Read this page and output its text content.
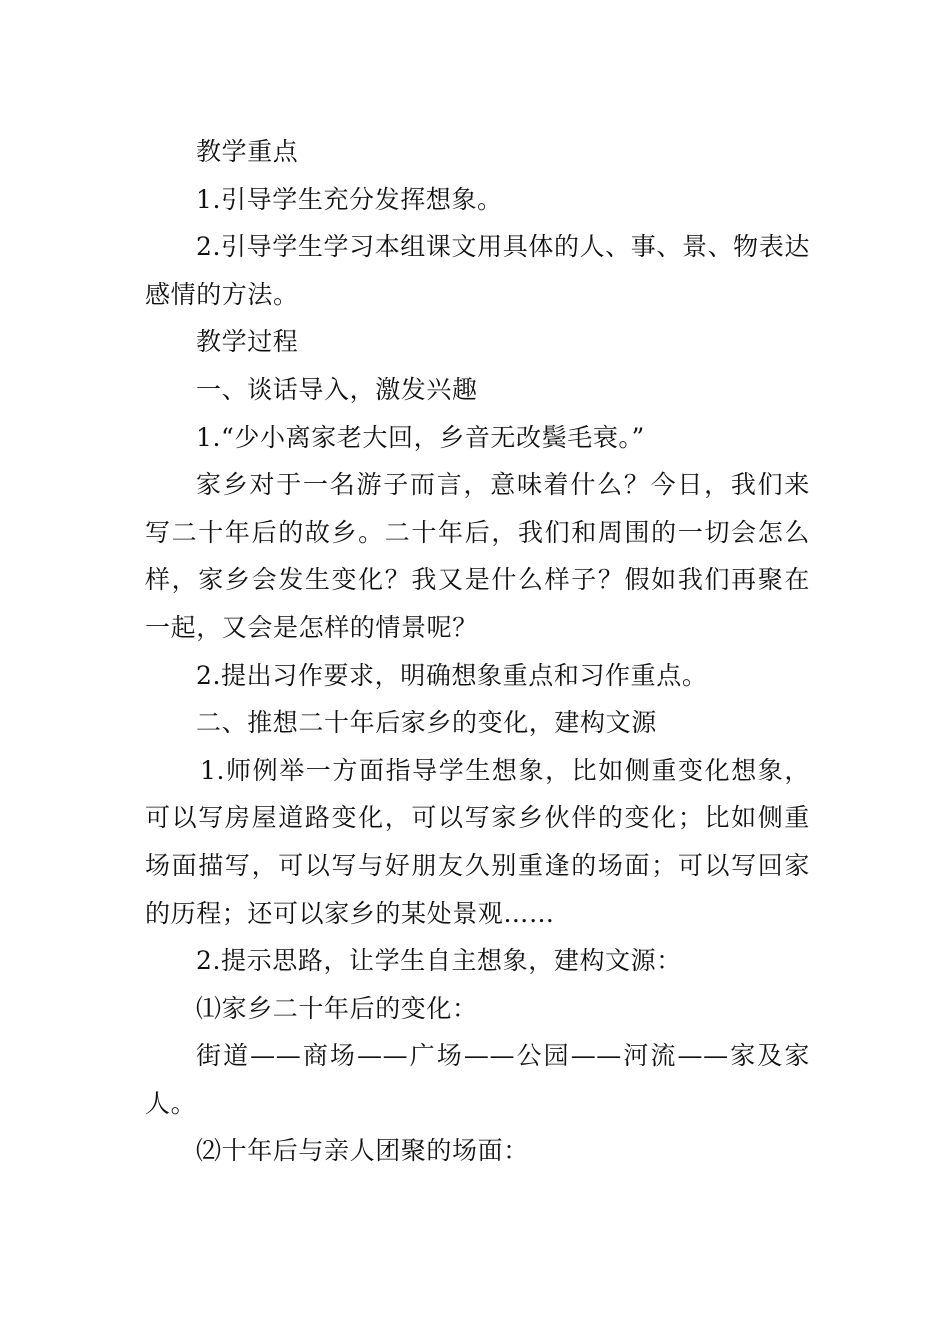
教学重点

1.引导学生充分发挥想象。

2.引导学生学习本组课文用具体的人、事、景、物表达感情的方法。

教学过程

一、谈话导入，激发兴趣

1.“少小离家老大回，乡音无改鬓毛衰。”

家乡对于一名游子而言，意味着什么？今日，我们来写二十年后的故乡。二十年后，我们和周围的一切会怎么样，家乡会发生变化？我又是什么样子？假如我们再聚在一起，又会是怎样的情景呢？

2.提出习作要求，明确想象重点和习作重点。

二、推想二十年后家乡的变化，建构文源

1.师例举一方面指导学生想象，比如侧重变化想象，可以写房屋道路变化，可以写家乡伙伴的变化；比如侧重场面描写，可以写与好朋友久别重逢的场面；可以写回家的历程；还可以家乡的某处景观……

2.提示思路，让学生自主想象，建构文源：

⑴家乡二十年后的变化：

街道——商场——广场——公园——河流——家及家人。

⑵十年后与亲人团聚的场面：
